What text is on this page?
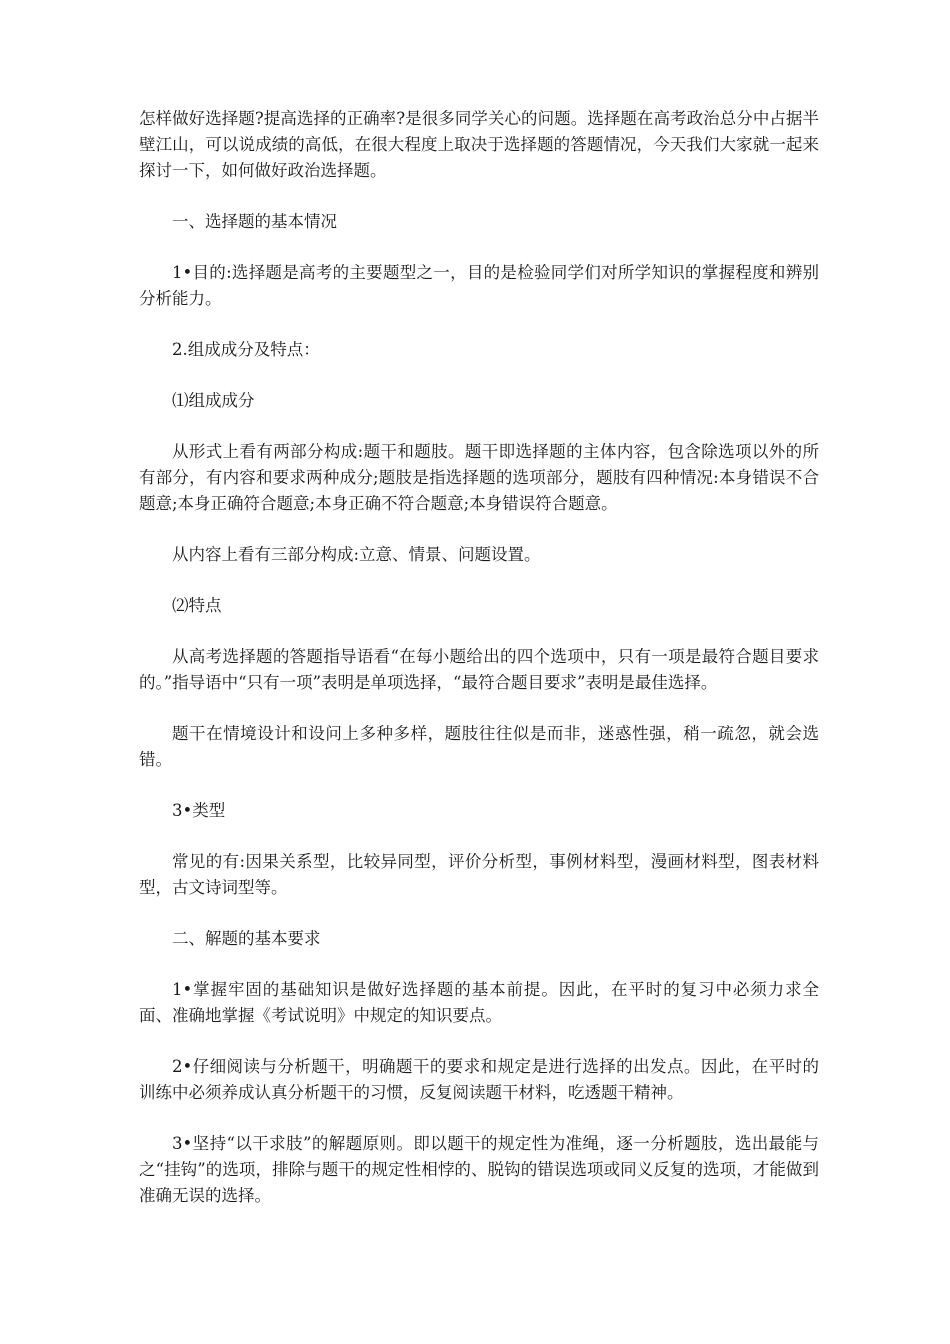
怎样做好选择题?提高选择的正确率?是很多同学关心的问题。选择题在高考政治总分中占据半壁江山，可以说成绩的高低，在很大程度上取决于选择题的答题情况，今天我们大家就一起来探讨一下，如何做好政治选择题。

一、选择题的基本情况

1•目的:选择题是高考的主要题型之一，目的是检验同学们对所学知识的掌握程度和辨别分析能力。

2.组成成分及特点：

⑴组成成分

从形式上看有两部分构成:题干和题肢。题干即选择题的主体内容，包含除选项以外的所有部分，有内容和要求两种成分;题肢是指选择题的选项部分，题肢有四种情况:本身错误不合题意;本身正确符合题意;本身正确不符合题意;本身错误符合题意。

从内容上看有三部分构成:立意、情景、问题设置。

⑵特点

从高考选择题的答题指导语看“在每小题给出的四个选项中，只有一项是最符合题目要求的。”指导语中“只有一项”表明是单项选择，“最符合题目要求”表明是最佳选择。

题干在情境设计和设问上多种多样，题肢往往似是而非，迷惑性强，稍一疏忽，就会选错。

3•类型

常见的有:因果关系型，比较异同型，评价分析型，事例材料型，漫画材料型，图表材料型，古文诗词型等。

二、解题的基本要求

1•掌握牢固的基础知识是做好选择题的基本前提。因此，在平时的复习中必须力求全面、准确地掌握《考试说明》中规定的知识要点。

2•仔细阅读与分析题干，明确题干的要求和规定是进行选择的出发点。因此，在平时的训练中必须养成认真分析题干的习惯，反复阅读题干材料，吃透题干精神。

3•坚持“以干求肢”的解题原则。即以题干的规定性为准绳，逐一分析题肢，选出最能与之“挂钩”的选项，排除与题干的规定性相悖的、脱钩的错误选项或同义反复的选项，才能做到准确无误的选择。
